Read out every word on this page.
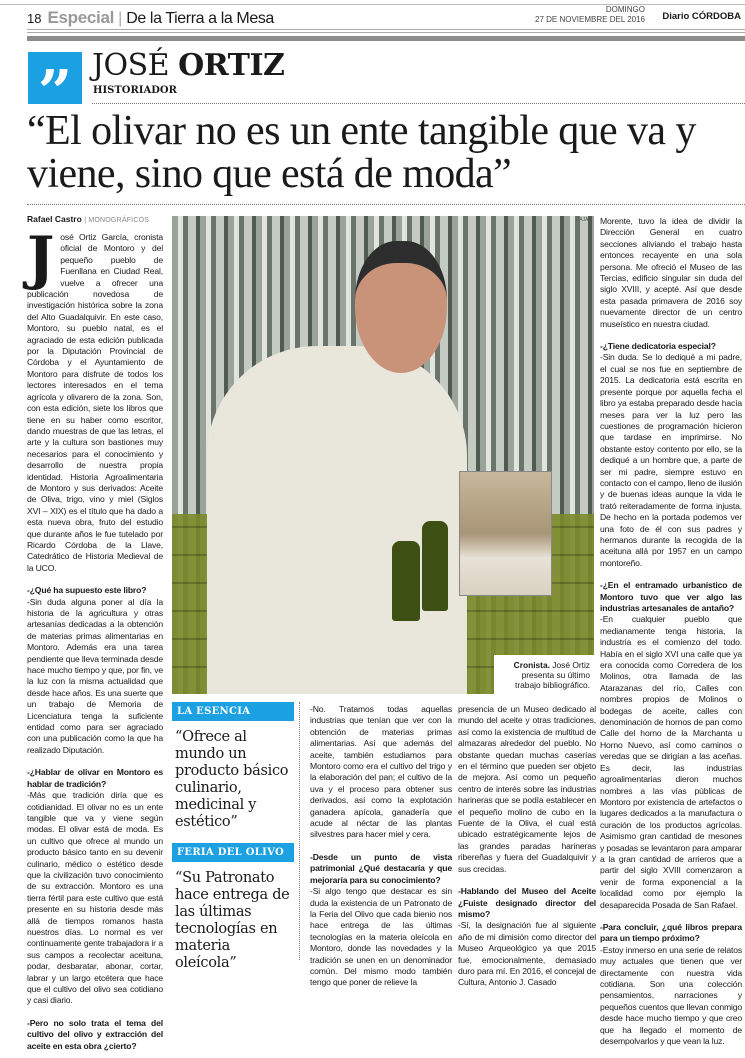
18 Especial | De la Tierra a la Mesa
DOMINGO
27 DE NOVIEMBRE DEL 2016 Diario CÓRDOBA
” JOSÉ ORTIZ
HISTORIADOR
“El olivar no es un ente tangible que va y viene, sino que está de moda”
Rafael Castro | MONOGRÁFICOS

José Ortiz García, cronista oficial de Montoro y del pequeño pueblo de Fuenllana en Ciudad Real, vuelve a ofrecer una publicación novedosa de investigación histórica sobre la zona del Alto Guadalquivir. En este caso, Montoro, su pueblo natal, es el agraciado de esta edición publicada por la Diputación Provincial de Córdoba y el Ayuntamiento de Montoro para disfrute de todos los lectores interesados en el tema agrícola y olivarero de la zona. Son, con esta edición, siete los libros que tiene en su haber como escritor, dando muestras de que las letras, el arte y la cultura son bastiones muy necesarios para el conocimiento y desarrollo de nuestra propia identidad. Historia Agroalimentaria de Montoro y sus derivados: Aceite de Oliva, trigo, vino y miel (Siglos XVI – XIX) es el título que ha dado a esta nueva obra, fruto del estudio que durante años le fue tutelado por Ricardo Córdoba de la Llave, Catedrático de Historia Medieval de la UCO.

-¿Qué ha supuesto este libro?

-Sin duda alguna poner al día la historia de la agricultura y otras artesanías dedicadas a la obtención de materias primas alimentarias en Montoro. Además era una tarea pendiente que lleva terminada desde hace mucho tiempo y que, por fin, ve la luz con la misma actualidad que desde hace años. Es una suerte que un trabajo de Memoria de Licenciatura tenga la suficiente entidad como para ser agraciado con una publicación como la que ha realizado Diputación.

-¿Hablar de olivar en Montoro es hablar de tradición?

-Más que tradición diría que es cotidianidad. El olivar no es un ente tangible que va y viene según modas. El olivar está de moda. Es un cultivo que ofrece al mundo un producto básico tanto en su devenir culinario, médico o estético desde que la civilización tuvo conocimiento de su extracción. Montoro es una tierra fértil para este cultivo que está presente en su historia desde más allá de tiempos romanos hasta nuestros días. Lo normal es ver continuamente gente trabajadora ir a sus campos a recolectar aceituna, podar, desbaratar, abonar, cortar, labrar y un largo etcétera que hace que el cultivo del olivo sea cotidiano y casi diario.

-Pero no solo trata el tema del cultivo del olivo y extracción del aceite en esta obra ¿cierto?

-No. Tratamos todas aquellas industrias que tenían que ver con la obtención de materias primas alimentarias. Así que además del aceite, también estudiamos para Montoro como era el cultivo del trigo y la elaboración del pan; el cultivo de la uva y el proceso para obtener sus derivados, así como la explotación ganadera apícola, ganadería que acude al néctar de las plantas silvestres para hacer miel y cera.

-Desde un punto de vista patrimonial ¿Qué destacaría y que mejoraría para su conocimiento?

-Si algo tengo que destacar es sin duda la existencia de un Patronato de la Feria del Olivo que cada bienio nos hace entrega de las últimas tecnologías en la materia oleícola en Montoro, donde las novedades y la tradición se unen en un denominador común. Del mismo modo también tengo que poner de relieve la

presencia de un Museo dedicado al mundo del aceite y otras tradiciones, así como la existencia de multitud de almazaras alrededor del pueblo. No obstante quedan muchas caserías en el término que pueden ser objeto de mejora. Así como un pequeño centro de interés sobre las industrias harineras que se podía establecer en el pequeño molino de cubo en la Fuente de la Oliva, el cual está ubicado estratégicamente lejos de las grandes paradas harineras ribereñas y fuera del Guadalquivir y sus crecidas.

-Hablando del Museo del Aceite ¿Fuiste designado director del mismo?

-Sí, la designación fue al siguiente año de mi dimisión como director del Museo Arqueológico ya que 2015 fue, emocionalmente, demasiado duro para mí. En 2016, el concejal de Cultura, Antonio J. Casado

Morente, tuvo la idea de dividir la Dirección General en cuatro secciones aliviando el trabajo hasta entonces recayente en una sola persona. Me ofreció el Museo de las Tercias, edificio singular sin duda del siglo XVIII, y acepté. Así que desde esta pasada primavera de 2016 soy nuevamente director de un centro museístico en nuestra ciudad.

-¿Tiene dedicatoria especial?

-Sin duda. Se lo dediqué a mi padre, el cual se nos fue en septiembre de 2015. La dedicatoria está escrita en presente porque por aquella fecha el libro ya estaba preparado desde hacía meses para ver la luz pero las cuestiones de programación hicieron que tardase en imprimirse. No obstante estoy contento por ello, se la dediqué a un hombre que, a parte de ser mi padre, siempre estuvo en contacto con el campo, lleno de ilusión y de buenas ideas aunque la vida le trató reiteradamente de forma injusta. De hecho en la portada podemos ver una foto de él con sus padres y hermanos durante la recogida de la aceituna allá por 1957 en un campo montoreño.

-¿En el entramado urbanístico de Montoro tuvo que ver algo las industrias artesanales de antaño?

-En cualquier pueblo que medianamente tenga historia, la industria es el comienzo del todo. Había en el siglo XVI una calle que ya era conocida como Corredera de los Molinos, otra llamada de las Atarazanas del río, Calles con nombres propios de Molinos o bodegas de aceite, calles con denominación de hornos de pan como Calle del horno de la Marchanta u Horno Nuevo, así como caminos o veredas que se dirigían a las aceñas. Es decir, las industrias agroalimentarias dieron muchos nombres a las vías públicas de Montoro por existencia de artefactos o lugares dedicados a la manufactura o curación de los productos agrícolas. Asimismo gran cantidad de mesones y posadas se levantaron para amparar a la gran cantidad de arrieros que a partir del siglo XVIII comenzaron a venir de forma exponencial a la localidad como por ejemplo la desaparecida Posada de San Rafael.

-Para concluir, ¿qué libros prepara para un tiempo próximo?

-Estoy inmerso en una serie de relatos muy actuales que tienen que ver directamente con nuestra vida cotidiana. Son una colección pensamientos, narraciones y pequeños cuentos que llevan conmigo desde hace mucho tiempo y que creo que ha llegado el momento de desempolvarlos y que vean la luz.

CAJAR
Cronista. José Ortiz presenta su último trabajo bibliográfico.
LA ESENCIA
“Ofrece al mundo un producto básico culinario, medicinal y estético”
FERIA DEL OLIVO
“Su Patronato hace entrega de las últimas tecnologías en materia oleícola”
